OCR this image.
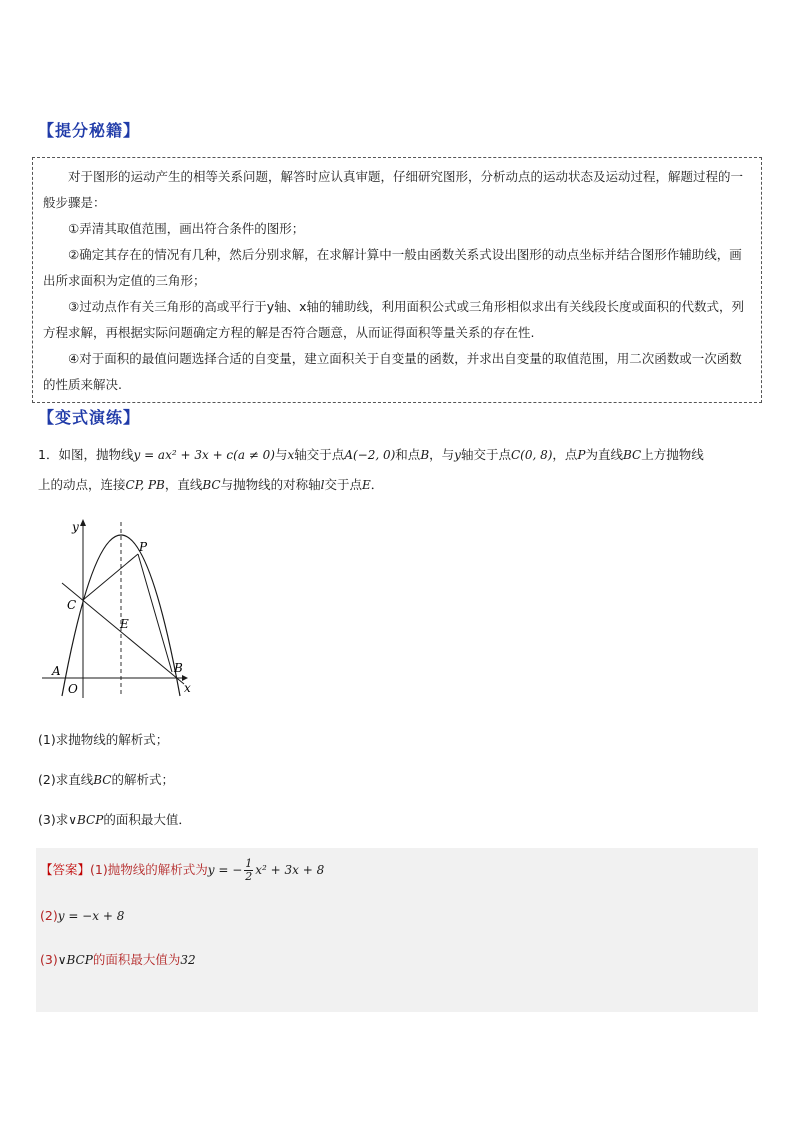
【提分秘籍】

对于图形的运动产生的相等关系问题，解答时应认真审题，仔细研究图形，分析动点的运动状态及运动过程，解题过程的一般步骤是：

①弄清其取值范围，画出符合条件的图形；

②确定其存在的情况有几种，然后分别求解，在求解计算中一般由函数关系式设出图形的动点坐标并结合图形作辅助线，画出所求面积为定值的三角形；

③过动点作有关三角形的高或平行于y轴、x轴的辅助线，利用面积公式或三角形相似求出有关线段长度或面积的代数式，列方程求解，再根据实际问题确定方程的解是否符合题意，从而证得面积等量关系的存在性.

④对于面积的最值问题选择合适的自变量，建立面积关于自变量的函数，并求出自变量的取值范围，用二次函数或一次函数的性质来解决.

【变式演练】

1．如图，抛物线y = ax² + 3x + c(a ≠ 0)与x轴交于点A(−2, 0)和点B，与y轴交于点C(0, 8)，点P为直线BC上方抛物线

上的动点，连接CP, PB，直线BC与抛物线的对称轴l交于点E．

y
x
O
A	B
C
E
P
(1)求抛物线的解析式；
(2)求直线BC的解析式；
(3)求∨BCP的面积最大值．
【答案】(1)抛物线的解析式为y = − $\frac{1}{2} x^2 + 3x + 8$
(2)y = −x + 8
(3)∨BCP的面积最大值为32
